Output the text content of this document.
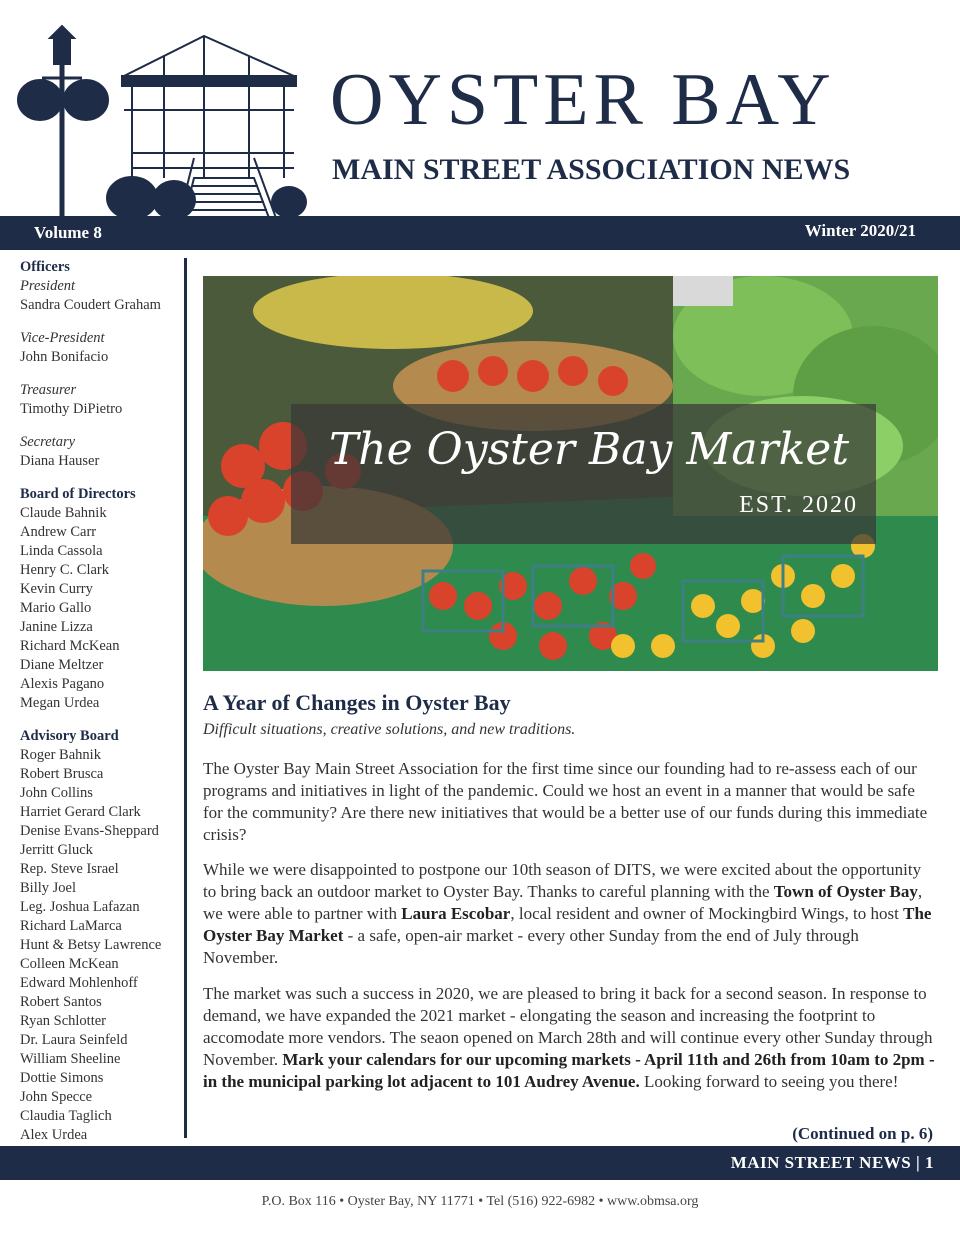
OYSTER BAY
MAIN STREET ASSOCIATION NEWS
Volume 8	Winter 2020/21
Officers
President
Sandra Coudert Graham
Vice-President
John Bonifacio
Treasurer
Timothy DiPietro
Secretary
Diana Hauser
Board of Directors
Claude Bahnik
Andrew Carr
Linda Cassola
Henry C. Clark
Kevin Curry
Mario Gallo
Janine Lizza
Richard McKean
Diane Meltzer
Alexis Pagano
Megan Urdea
Advisory Board
Roger Bahnik
Robert Brusca
John Collins
Harriet Gerard Clark
Denise Evans-Sheppard
Jerritt Gluck
Rep. Steve Israel
Billy Joel
Leg. Joshua Lafazan
Richard LaMarca
Hunt & Betsy Lawrence
Colleen McKean
Edward Mohlenhoff
Robert Santos
Ryan Schlotter
Dr. Laura Seinfeld
William Sheeline
Dottie Simons
John Specce
Claudia Taglich
Alex Urdea
The Oyster Bay Market
EST. 2020
A Year of Changes in Oyster Bay
Difficult situations, creative solutions, and new traditions.
The Oyster Bay Main Street Association for the first time since our founding had to re-assess each of our programs and initiatives in light of the pandemic. Could we host an event in a manner that would be safe for the community? Are there new initiatives that would be a better use of our funds during this immediate crisis?
While we were disappointed to postpone our 10th season of DITS, we were excited about the opportunity to bring back an outdoor market to Oyster Bay. Thanks to careful planning with the Town of Oyster Bay, we were able to partner with Laura Escobar, local resident and owner of Mockingbird Wings, to host The Oyster Bay Market - a safe, open-air market - every other Sunday from the end of July through November.
The market was such a success in 2020, we are pleased to bring it back for a second season. In response to demand, we have expanded the 2021 market - elongating the season and increasing the footprint to accomodate more vendors. The seaon opened on March 28th and will continue every other Sunday through November. Mark your calendars for our upcoming markets - April 11th and 26th from 10am to 2pm - in the municipal parking lot adjacent to 101 Audrey Avenue. Looking forward to seeing you there!
(Continued on p. 6)
MAIN STREET NEWS | 1
P.O. Box 116 • Oyster Bay, NY 11771 • Tel (516) 922-6982 • www.obmsa.org
